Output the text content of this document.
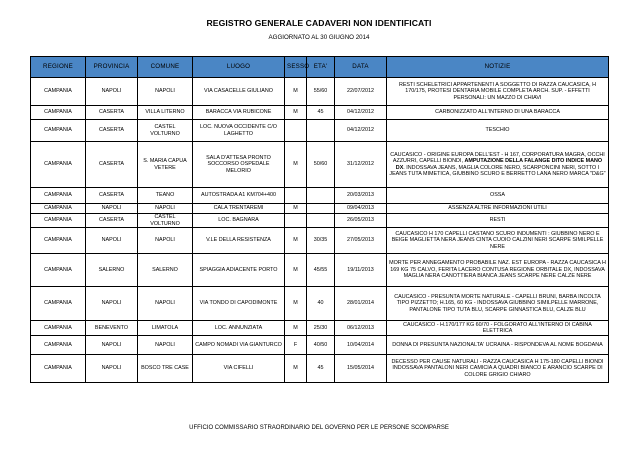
REGISTRO GENERALE CADAVERI NON IDENTIFICATI
AGGIORNATO AL 30 GIUGNO 2014
REGIONE	PROVINCIA	COMUNE	LUOGO	SESSO	ETA'	DATA	NOTIZIE
CAMPANIA	NAPOLI	NAPOLI	VIA CASACELLE GIULIANO	M	55/60	22/07/2012	RESTI SCHELETRICI APPARTENENTI A SOGGETTO DI RAZZA CAUCASICA, H 170/175, PROTESI DENTARIA MOBILE COMPLETA ARCH. SUP. - EFFETTI PERSONALI: UN MAZZO DI CHIAVI
CAMPANIA	CASERTA	VILLA LITERNO	BARACCA VIA RUBICONE	M	45	04/12/2012	CARBONIZZATO ALL'INTERNO DI UNA BARACCA
CAMPANIA	CASERTA	CASTEL VOLTURNO	LOC. NUOVA OCCIDENTE C/O LAGHETTO			04/12/2012	TESCHIO
CAMPANIA	CASERTA	S. MARIA CAPUA VETERE	SALA D'ATTESA PRONTO SOCCORSO OSPEDALE MELORIO	M	50/60	31/12/2012	CAUCASICO - ORIGINE EUROPA DELL'EST - H 167, CORPORATURA MAGRA, OCCHI AZZURRI, CAPELLI BIONDI, AMPUTAZIONE DELLA FALANGE DITO INDICE MANO DX. INDOSSAVA JEANS, MAGLIA COLORE NERO, SCARPONCINI NERI, SOTTO I JEANS TUTA MIMETICA, GIUBBINO SCURO E BERRETTO LANA NERO MARCA "D&G"
CAMPANIA	CASERTA	TEANO	AUTOSTRADA A1 KM704+400			20/03/2013	OSSA
CAMPANIA	NAPOLI	NAPOLI	CALA TRENTAREMI	M		09/04/2013	ASSENZA ALTRE INFORMAZIONI UTILI
CAMPANIA	CASERTA	CASTEL VOLTURNO	LOC. BAGNARA			26/05/2013	RESTI
CAMPANIA	NAPOLI	NAPOLI	V.LE DELLA RESISTENZA	M	30/35	27/05/2013	CAUCASICO H 170 CAPELLI CASTANO SCURO INDUMENTI : GIUBBINO NERO E BEIGE MAGLIETTA NERA JEANS CINTA CUOIO CALZINI NERI SCARPE SIMILPELLE NERE
CAMPANIA	SALERNO	SALERNO	SPIAGGIA ADIACENTE PORTO	M	45/55	19/11/2013	MORTE PER ANNEGAMENTO PROBABILE NAZ. EST EUROPA - RAZZA CAUCASICA H 169 KG 75 CALVO, FERITA LACERO CONTUSA REGIONE ORBITALE DX, INDOSSAVA MAGLIA NERA CANOTTIERA BIANCA JEANS SCARPE NERE CALZE NERE
CAMPANIA	NAPOLI	NAPOLI	VIA TONDO DI CAPODIMONTE	M	40	28/01/2014	CAUCASICO - PRESUNTA MORTE NATURALE - CAPELLI BRUNI, BARBA INCOLTA TIPO PIZZETTO; H.165, 60 KG - INDOSSAVA GIUBBINO SIMILPELLE MARRONE, PANTALONE TIPO TUTA BLU, SCARPE GINNASTICA BLU, CALZE BLU
CAMPANIA	BENEVENTO	LIMATOLA	LOC. ANNUNZIATA	M	25/30	06/12/2013	CAUCASICO - H.170/177 KG 60/70 - FOLGORATO ALL'INTERNO DI CABINA ELETTRICA
CAMPANIA	NAPOLI	NAPOLI	CAMPO NOMADI VIA GIANTURCO	F	40/50	10/04/2014	DONNA DI PRESUNTA NAZIONALTA' UCRAINA - RISPONDEVA AL NOME BOGDANA
CAMPANIA	NAPOLI	BOSCO TRE CASE	VIA CIFELLI	M	45	15/05/2014	DECESSO PER CAUSE NATURALI - RAZZA CAUCASICA H 175-180 CAPELLI BIONDI INDOSSAVA PANTALONI NERI CAMICIA A QUADRI BIANCO E ARANCIO SCARPE DI COLORE GRIGIO CHIARO
UFFICIO COMMISSARIO STRAORDINARIO DEL GOVERNO PER LE PERSONE SCOMPARSE
